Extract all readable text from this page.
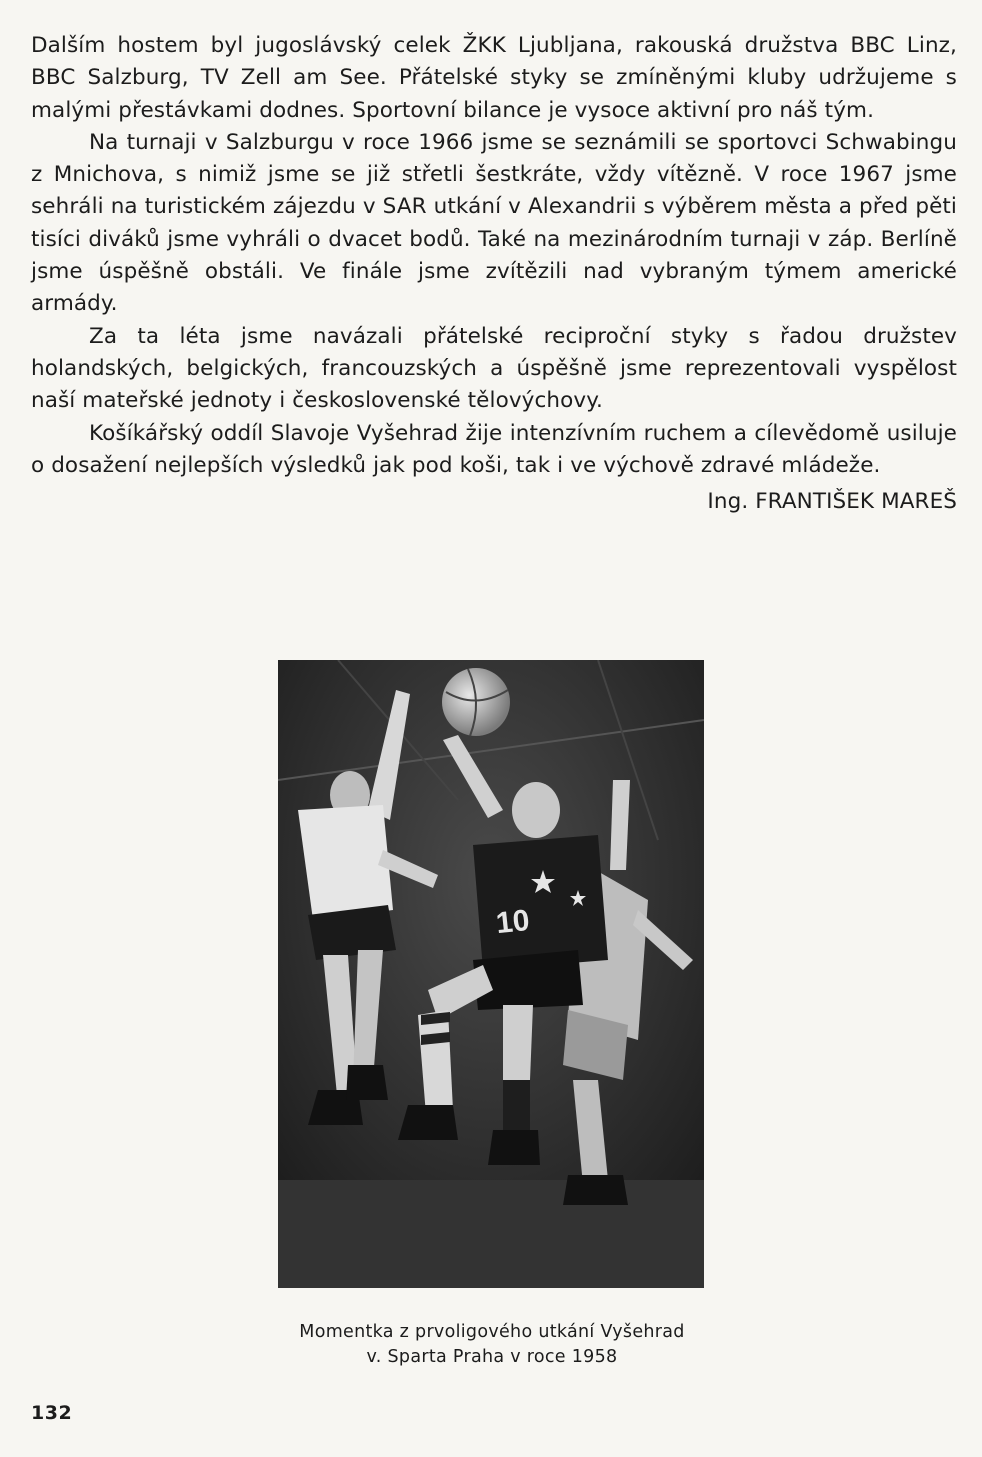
Dalším hostem byl jugoslávský celek ŽKK Ljubljana, rakouská družstva BBC Linz, BBC Salzburg, TV Zell am See. Přátelské styky se zmíněnými kluby udržujeme s malými přestávkami dodnes. Sportovní bilance je vysoce aktivní pro náš tým.

Na turnaji v Salzburgu v roce 1966 jsme se seznámili se sportovci Schwabingu z Mnichova, s nimiž jsme se již střetli šestkráte, vždy vítězně. V roce 1967 jsme sehráli na turistickém zájezdu v SAR utkání v Alexandrii s výběrem města a před pěti tisíci diváků jsme vyhráli o dvacet bodů. Také na mezinárodním turnaji v záp. Berlíně jsme úspěšně obstáli. Ve finále jsme zvítězili nad vybraným týmem americké armády.

Za ta léta jsme navázali přátelské reciproční styky s řadou družstev holandských, belgických, francouzských a úspěšně jsme reprezentovali vyspělost naší mateřské jednoty i československé tělovýchovy.

Košíkářský oddíl Slavoje Vyšehrad žije intenzívním ruchem a cílevědomě usiluje o dosažení nejlepších výsledků jak pod koši, tak i ve výchově zdravé mládeže.

Ing. FRANTIŠEK MAREŠ
10
Momentka z prvoligového utkání Vyšehrad
v. Sparta Praha v roce 1958
132
